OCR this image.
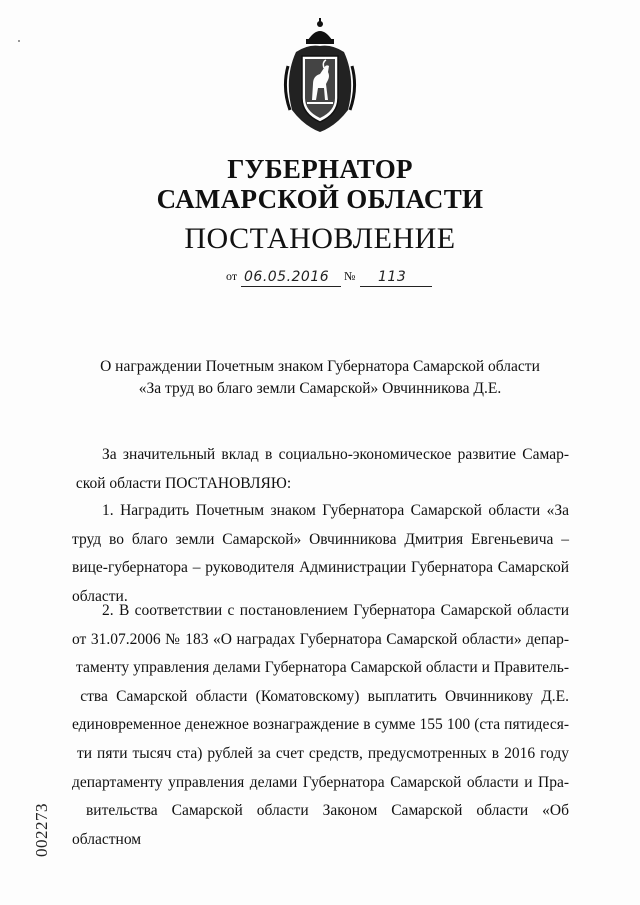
ГУБЕРНАТОР
САМАРСКОЙ ОБЛАСТИ
ПОСТАНОВЛЕНИЕ
от 06.05.2016 № 113
О награждении Почетным знаком Губернатора Самарской области
«За труд во благо земли Самарской» Овчинникова Д.Е.
За значительный вклад в социально-экономическое развитие Самар- ской области ПОСТАНОВЛЯЮ:
1. Наградить Почетным знаком Губернатора Самарской области «За труд во благо земли Самарской» Овчинникова Дмитрия Евгеньевича – вице-губернатора – руководителя Администрации Губернатора Самарской области.
2. В соответствии с постановлением Губернатора Самарской области от 31.07.2006 № 183 «О наградах Губернатора Самарской области» депар- таменту управления делами Губернатора Самарской области и Правитель- ства Самарской области (Коматовскому) выплатить Овчинникову Д.Е. единовременное денежное вознаграждение в сумме 155 100 (ста пятидеся- ти пяти тысяч ста) рублей за счет средств, предусмотренных в 2016 году департаменту управления делами Губернатора Самарской области и Пра- вительства Самарской области Законом Самарской области «Об областном
002273
